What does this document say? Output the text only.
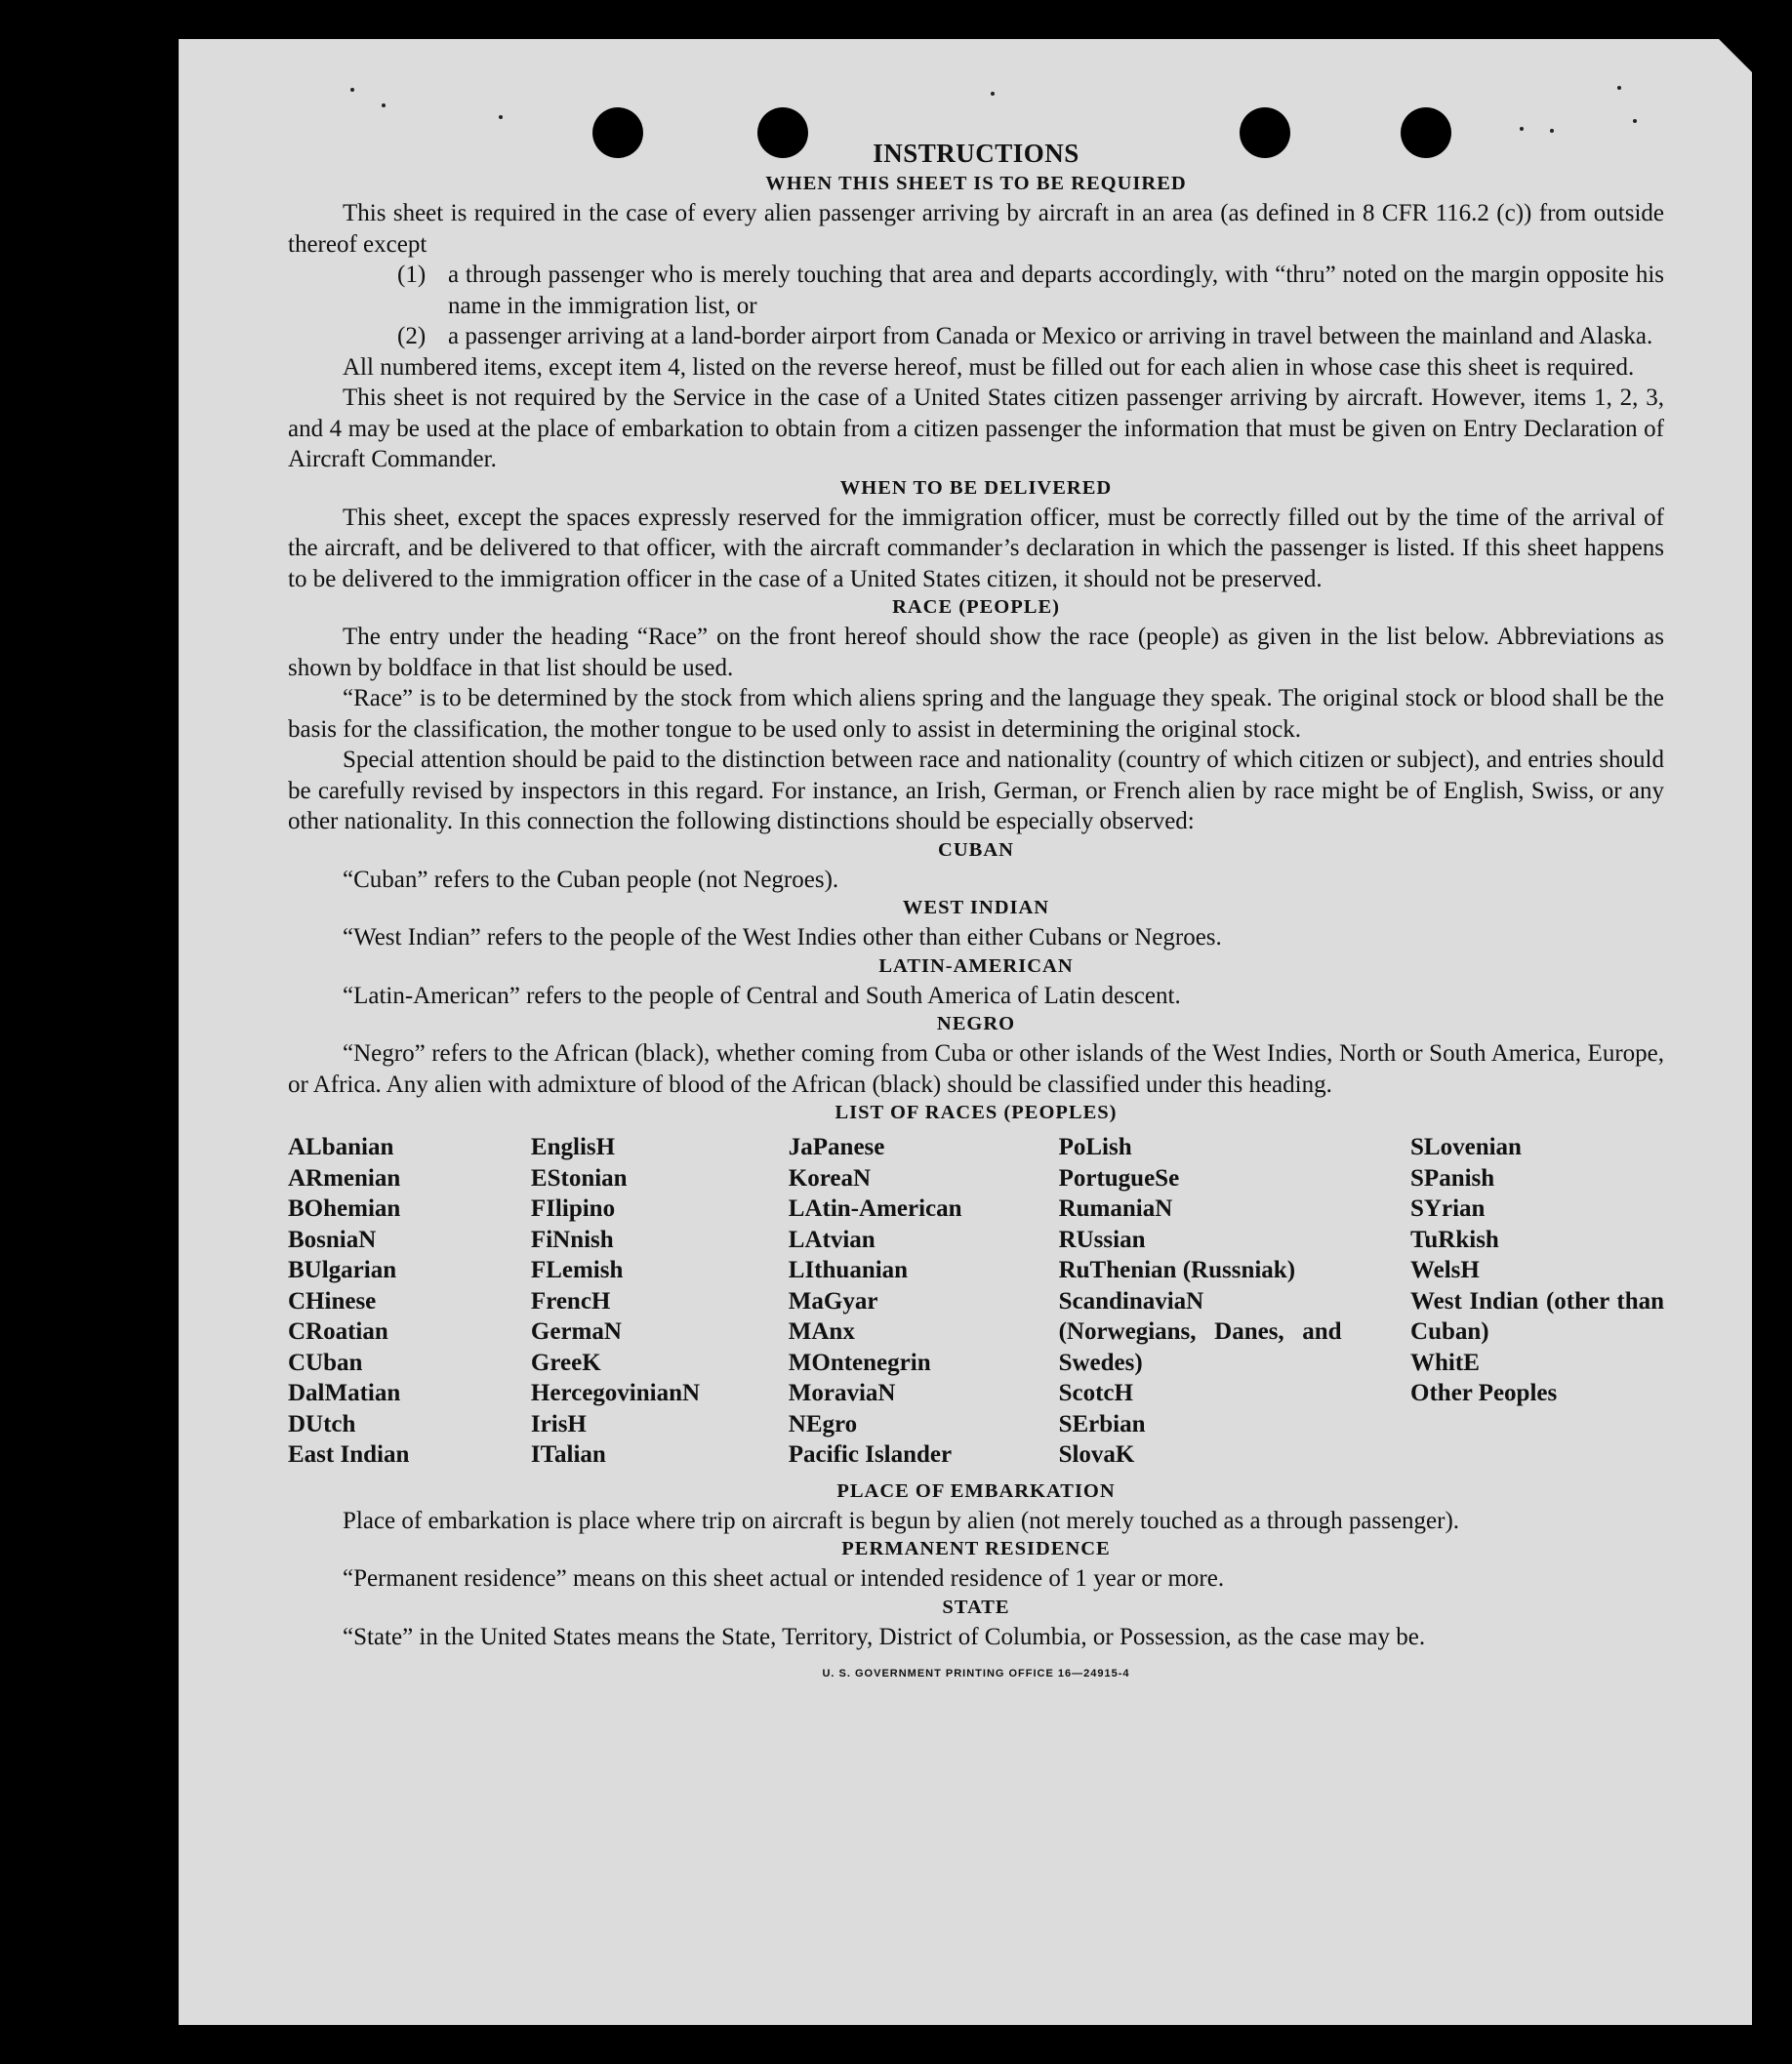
INSTRUCTIONS
WHEN THIS SHEET IS TO BE REQUIRED

This sheet is required in the case of every alien passenger arriving by aircraft in an area (as defined in 8 CFR 116.2 (c)) from outside thereof except

(1) a through passenger who is merely touching that area and departs accordingly, with “thru” noted on the margin opposite his name in the immigration list, or
(2) a passenger arriving at a land-border airport from Canada or Mexico or arriving in travel between the mainland and Alaska.

All numbered items, except item 4, listed on the reverse hereof, must be filled out for each alien in whose case this sheet is required.

This sheet is not required by the Service in the case of a United States citizen passenger arriving by aircraft. However, items 1, 2, 3, and 4 may be used at the place of embarkation to obtain from a citizen passenger the information that must be given on Entry Declaration of Aircraft Commander.

WHEN TO BE DELIVERED

This sheet, except the spaces expressly reserved for the immigration officer, must be correctly filled out by the time of the arrival of the aircraft, and be delivered to that officer, with the aircraft commander’s declaration in which the passenger is listed. If this sheet happens to be delivered to the immigration officer in the case of a United States citizen, it should not be preserved.

RACE (PEOPLE)

The entry under the heading “Race” on the front hereof should show the race (people) as given in the list below. Abbreviations as shown by boldface in that list should be used.

“Race” is to be determined by the stock from which aliens spring and the language they speak. The original stock or blood shall be the basis for the classification, the mother tongue to be used only to assist in determining the original stock.

Special attention should be paid to the distinction between race and nationality (country of which citizen or subject), and entries should be carefully revised by inspectors in this regard. For instance, an Irish, German, or French alien by race might be of English, Swiss, or any other nationality. In this connection the following distinctions should be especially observed:

CUBAN

“Cuban” refers to the Cuban people (not Negroes).

WEST INDIAN

“West Indian” refers to the people of the West Indies other than either Cubans or Negroes.

LATIN-AMERICAN

“Latin-American” refers to the people of Central and South America of Latin descent.

NEGRO

“Negro” refers to the African (black), whether coming from Cuba or other islands of the West Indies, North or South America, Europe, or Africa. Any alien with admixture of blood of the African (black) should be classified under this heading.

LIST OF RACES (PEOPLES)
ALbanian
ARmenian
BOhemian
BosniaN
BUlgarian
CHinese
CRoatian
CUban
DalMatian
DUtch
East Indian
EnglisH
EStonian
FIlipino
FiNnish
FLemish
FrencH
GermaN
GreeK
HercegovinianN
IrisH
ITalian
JaPanese
KoreaN
LAtin-American
LAtvian
LIthuanian
MaGyar
MAnx
MOntenegrin
MoraviaN
NEgro
Pacific Islander
PoLish
PortugueSe
RumaniaN
RUssian
RuThenian (Russniak)
ScandinaviaN (Norwegians, Danes, and Swedes)
ScotcH
SErbian
SlovaK
SLovenian
SPanish
SYrian
TuRkish
WelsH
West Indian (other than Cuban)
WhitE
Other Peoples
PLACE OF EMBARKATION

Place of embarkation is place where trip on aircraft is begun by alien (not merely touched as a through passenger).

PERMANENT RESIDENCE

“Permanent residence” means on this sheet actual or intended residence of 1 year or more.

STATE

“State” in the United States means the State, Territory, District of Columbia, or Possession, as the case may be.

U. S. GOVERNMENT PRINTING OFFICE 16—24915-4
